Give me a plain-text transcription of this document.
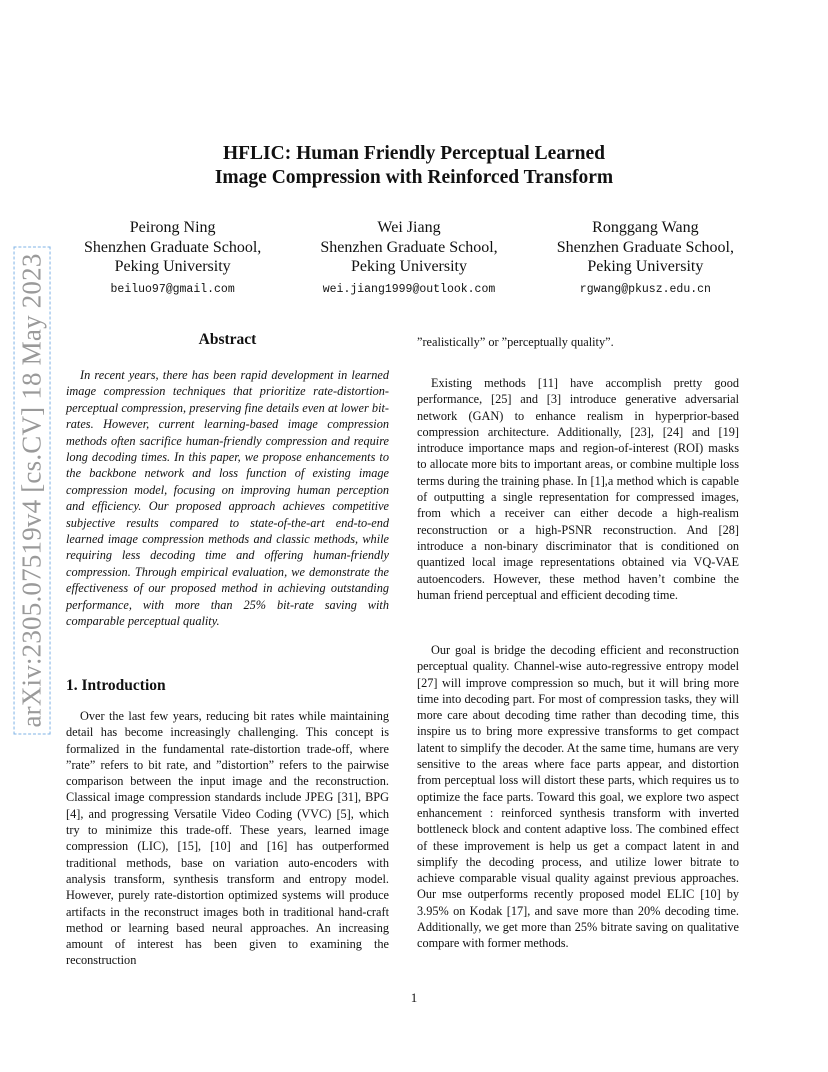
arXiv:2305.07519v4 [cs.CV] 18 May 2023
HFLIC: Human Friendly Perceptual Learned
Image Compression with Reinforced Transform
Peirong Ning
Shenzhen Graduate School,
Peking University
beiluo97@gmail.com
Wei Jiang
Shenzhen Graduate School,
Peking University
wei.jiang1999@outlook.com
Ronggang Wang
Shenzhen Graduate School,
Peking University
rgwang@pkusz.edu.cn
Abstract

In recent years, there has been rapid development in learned image compression techniques that prioritize rate-distortion-perceptual compression, preserving fine details even at lower bit-rates. However, current learning-based image compression methods often sacrifice human-friendly compression and require long decoding times. In this paper, we propose enhancements to the backbone network and loss function of existing image compression model, focusing on improving human perception and efficiency. Our proposed approach achieves competitive subjective results compared to state-of-the-art end-to-end learned image compression methods and classic methods, while requiring less decoding time and offering human-friendly compression. Through empirical evaluation, we demonstrate the effectiveness of our proposed method in achieving outstanding performance, with more than 25% bit-rate saving with comparable perceptual quality.

1. Introduction

Over the last few years, reducing bit rates while maintaining detail has become increasingly challenging. This concept is formalized in the fundamental rate-distortion trade-off, where ”rate” refers to bit rate, and ”distortion” refers to the pairwise comparison between the input image and the reconstruction. Classical image compression standards include JPEG [31], BPG [4], and progressing Versatile Video Coding (VVC) [5], which try to minimize this trade-off. These years, learned image compression (LIC), [15], [10] and [16] has outperformed traditional methods, base on variation auto-encoders with analysis transform, synthesis transform and entropy model. However, purely rate-distortion optimized systems will produce artifacts in the reconstruct images both in traditional hand-craft method or learning based neural approaches. An increasing amount of interest has been given to examining the reconstruction

”realistically” or ”perceptually quality”.

Existing methods [11] have accomplish pretty good performance, [25] and [3] introduce generative adversarial network (GAN) to enhance realism in hyperprior-based compression architecture. Additionally, [23], [24] and [19] introduce importance maps and region-of-interest (ROI) masks to allocate more bits to important areas, or combine multiple loss terms during the training phase. In [1],a method which is capable of outputting a single representation for compressed images, from which a receiver can either decode a high-realism reconstruction or a high-PSNR reconstruction. And [28] introduce a non-binary discriminator that is conditioned on quantized local image representations obtained via VQ-VAE autoencoders. However, these method haven’t combine the human friend perceptual and efficient decoding time.

Our goal is bridge the decoding efficient and reconstruction perceptual quality. Channel-wise auto-regressive entropy model [27] will improve compression so much, but it will bring more time into decoding part. For most of compression tasks, they will more care about decoding time rather than decoding time, this inspire us to bring more expressive transforms to get compact latent to simplify the decoder. At the same time, humans are very sensitive to the areas where face parts appear, and distortion from perceptual loss will distort these parts, which requires us to optimize the face parts. Toward this goal, we explore two aspect enhancement : reinforced synthesis transform with inverted bottleneck block and content adaptive loss. The combined effect of these improvement is help us get a compact latent in and simplify the decoding process, and utilize lower bitrate to achieve comparable visual quality against previous approaches. Our mse outperforms recently proposed model ELIC [10] by 3.95% on Kodak [17], and save more than 20% decoding time. Additionally, we get more than 25% bitrate saving on qualitative compare with former methods.

1
